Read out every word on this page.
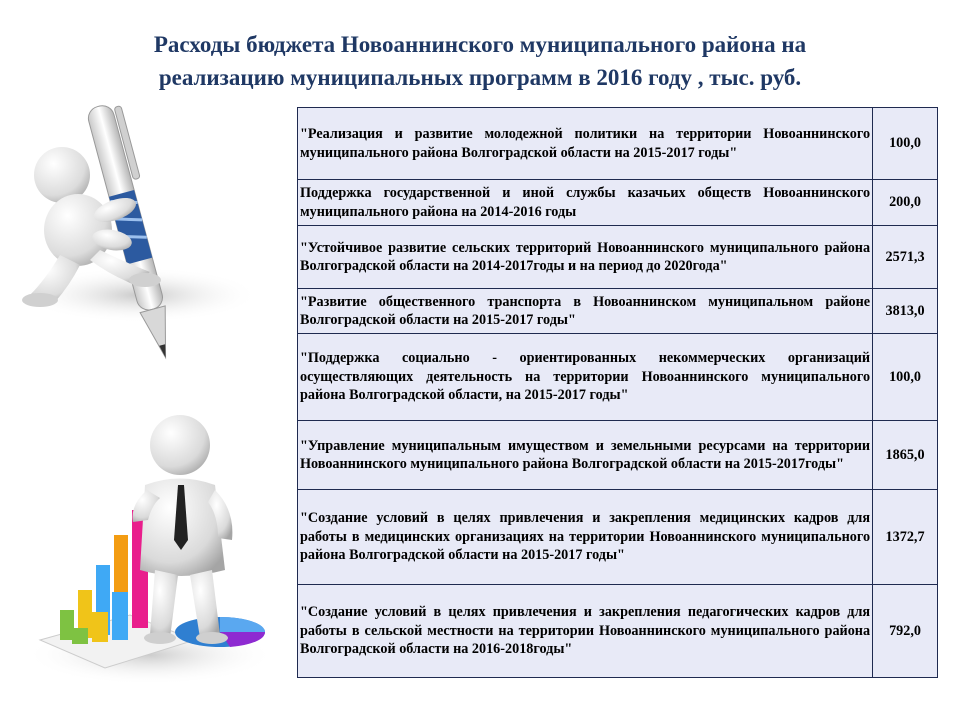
Расходы бюджета Новоаннинского муниципального района на
реализацию муниципальных программ в 2016 году , тыс. руб.
"Реализация и развитие молодежной политики на территории Новоаннинского муниципального района Волгоградской области на 2015-2017 годы"	100,0
Поддержка государственной и иной службы казачьих обществ Новоаннинского муниципального района на 2014-2016 годы	200,0
"Устойчивое развитие сельских территорий Новоаннинского муниципального района Волгоградской области на 2014-2017годы и на период до 2020года"	2571,3
"Развитие общественного транспорта в Новоаннинском муниципальном районе Волгоградской области на 2015-2017 годы"	3813,0
"Поддержка социально - ориентированных некоммерческих организаций осуществляющих деятельность на территории Новоаннинского муниципального района Волгоградской области, на 2015-2017 годы"	100,0
"Управление муниципальным имуществом и земельными ресурсами на территории Новоаннинского муниципального района Волгоградской области на 2015-2017годы"	1865,0
"Создание условий в целях привлечения и закрепления медицинских кадров для работы в медицинских организациях на территории Новоаннинского муниципального района Волгоградской области на 2015-2017 годы"	1372,7
"Создание условий в целях привлечения и закрепления педагогических кадров для работы в сельской местности на территории Новоаннинского муниципального района Волгоградской области на 2016-2018годы"	792,0
